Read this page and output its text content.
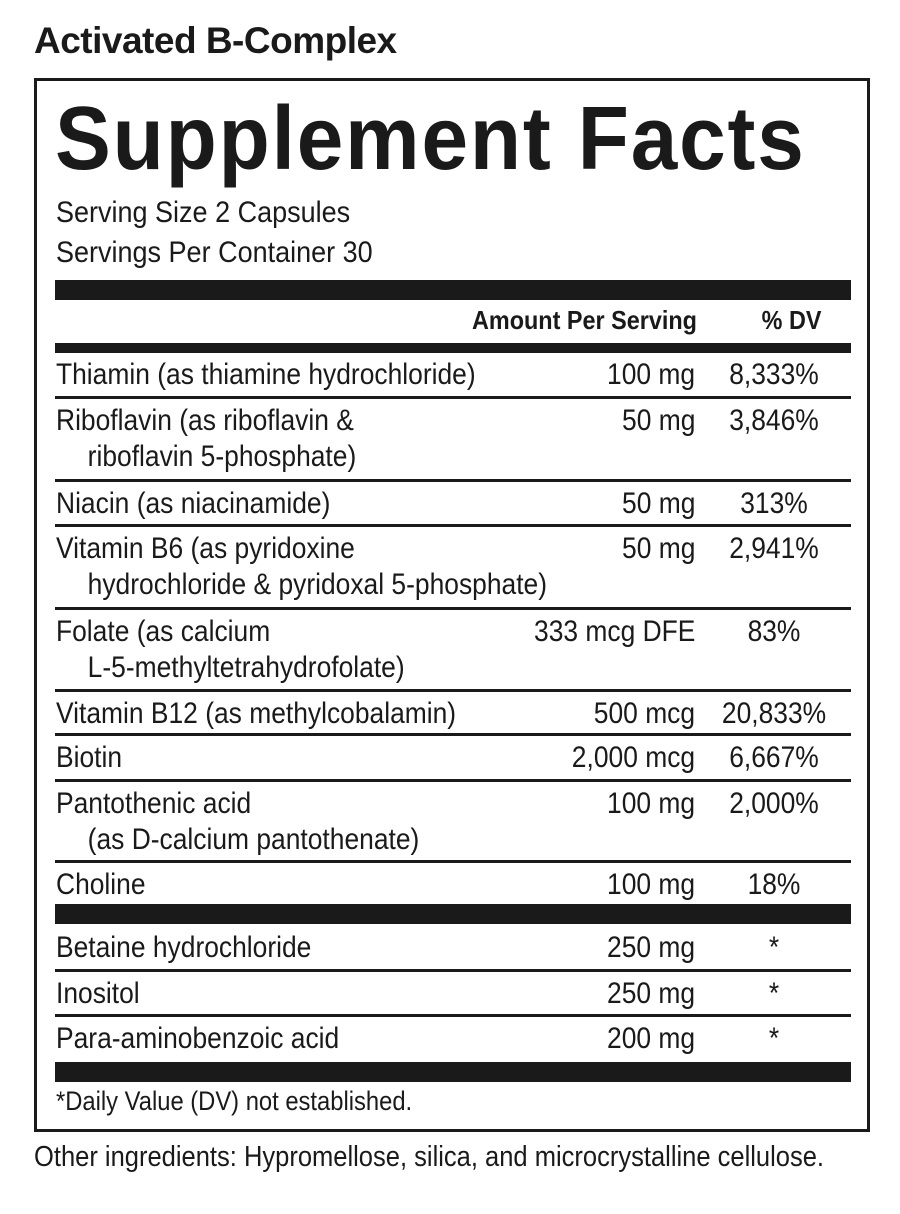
Activated B-Complex
Supplement Facts
Serving Size 2 Capsules
Servings Per Container 30
Amount Per Serving % DV
Thiamin (as thiamine hydrochloride)	100 mg	8,333%
Riboflavin (as riboflavin &
riboflavin 5-phosphate)
50 mg	3,846%
Niacin (as niacinamide)	50 mg	313%
Vitamin B6 (as pyridoxine
hydrochloride & pyridoxal 5-phosphate)
50 mg	2,941%
Folate (as calcium
L-5-methyltetrahydrofolate)
333 mcg DFE	83%
Vitamin B12 (as methylcobalamin)	500 mcg 20,833%
Biotin	2,000 mcg	6,667%
Pantothenic acid
(as D-calcium pantothenate)
100 mg	2,000%
Choline	100 mg	18%
Betaine hydrochloride	250 mg	*
Inositol	250 mg	*
Para-aminobenzoic acid	200 mg	*
*Daily Value (DV) not established.
Other ingredients: Hypromellose, silica, and microcrystalline cellulose.
